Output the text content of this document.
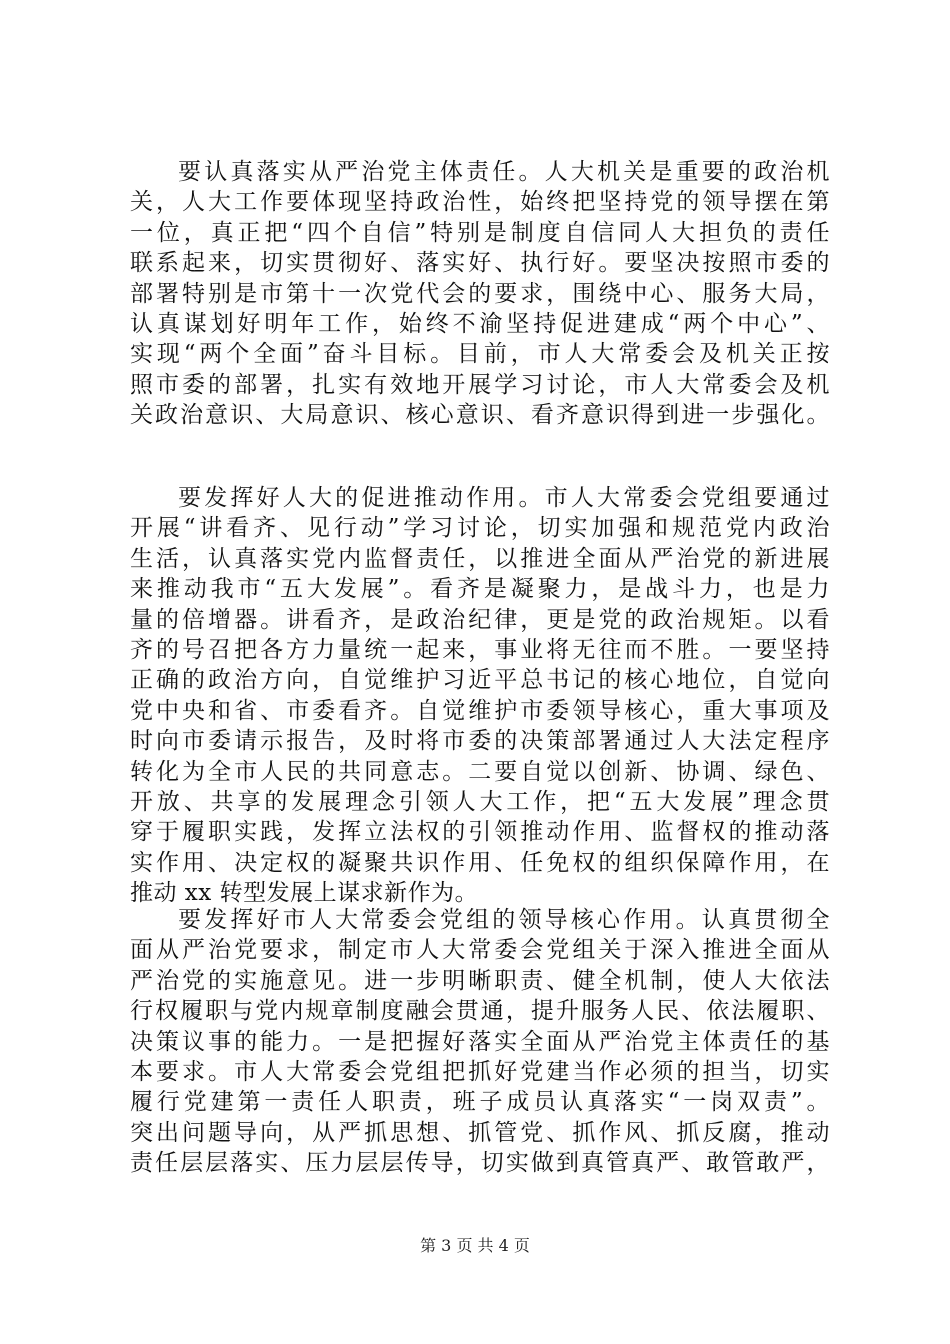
要认真落实从严治党主体责任。人大机关是重要的政治机
关，人大工作要体现坚持政治性，始终把坚持党的领导摆在第
一位，真正把“四个自信”特别是制度自信同人大担负的责任
联系起来，切实贯彻好、落实好、执行好。要坚决按照市委的
部署特别是市第十一次党代会的要求，围绕中心、服务大局，
认真谋划好明年工作，始终不渝坚持促进建成“两个中心”、
实现“两个全面”奋斗目标。目前，市人大常委会及机关正按
照市委的部署，扎实有效地开展学习讨论，市人大常委会及机
关政治意识、大局意识、核心意识、看齐意识得到进一步强化。
要发挥好人大的促进推动作用。市人大常委会党组要通过
开展“讲看齐、见行动”学习讨论，切实加强和规范党内政治
生活，认真落实党内监督责任，以推进全面从严治党的新进展
来推动我市“五大发展”。看齐是凝聚力，是战斗力，也是力
量的倍增器。讲看齐，是政治纪律，更是党的政治规矩。以看
齐的号召把各方力量统一起来，事业将无往而不胜。一要坚持
正确的政治方向，自觉维护习近平总书记的核心地位，自觉向
党中央和省、市委看齐。自觉维护市委领导核心，重大事项及
时向市委请示报告，及时将市委的决策部署通过人大法定程序
转化为全市人民的共同意志。二要自觉以创新、协调、绿色、
开放、共享的发展理念引领人大工作，把“五大发展”理念贯
穿于履职实践，发挥立法权的引领推动作用、监督权的推动落
实作用、决定权的凝聚共识作用、任免权的组织保障作用，在
推动 xx 转型发展上谋求新作为。
要发挥好市人大常委会党组的领导核心作用。认真贯彻全
面从严治党要求，制定市人大常委会党组关于深入推进全面从
严治党的实施意见。进一步明晰职责、健全机制，使人大依法
行权履职与党内规章制度融会贯通，提升服务人民、依法履职、
决策议事的能力。一是把握好落实全面从严治党主体责任的基
本要求。市人大常委会党组把抓好党建当作必须的担当，切实
履行党建第一责任人职责，班子成员认真落实“一岗双责”。
突出问题导向，从严抓思想、抓管党、抓作风、抓反腐，推动
责任层层落实、压力层层传导，切实做到真管真严、敢管敢严，
第 3 页 共 4 页
